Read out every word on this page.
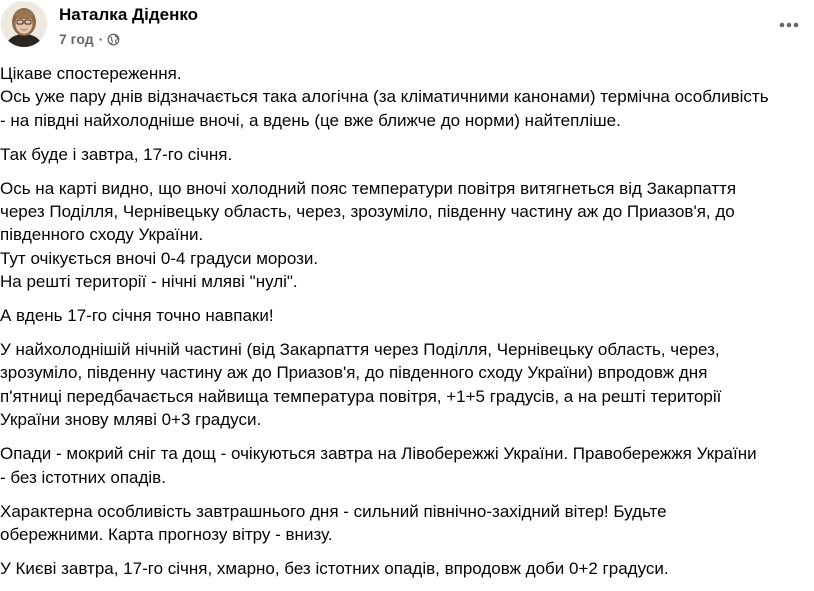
Наталка Діденко
7 год ·
Цікаве спостереження.
Ось уже пару днів відзначається така алогічна (за кліматичними канонами) термічна особливість
- на півдні найхолодніше вночі, а вдень (це вже ближче до норми) найтепліше.
Так буде і завтра, 17-го січня.
Ось на карті видно, що вночі холодний пояс температури повітря витягнеться від Закарпаття
через Поділля, Чернівецьку область, через, зрозуміло, південну частину аж до Приазов'я, до
південного сходу України.
Тут очікується вночі 0-4 градуси морози.
На решті території - нічні мляві "нулі".
А вдень 17-го січня точно навпаки!
У найхолоднішій нічній частині (від Закарпаття через Поділля, Чернівецьку область, через,
зрозуміло, південну частину аж до Приазов'я, до південного сходу України) впродовж дня
п'ятниці передбачається найвища температура повітря, +1+5 градусів, а на решті території
України знову мляві 0+3 градуси.
Опади - мокрий сніг та дощ - очікуються завтра на Лівобережжі України. Правобережжя України
- без істотних опадів.
Характерна особливість завтрашнього дня - сильний північно-західний вітер! Будьте
обережними. Карта прогнозу вітру - внизу.
У Києві завтра, 17-го січня, хмарно, без істотних опадів, впродовж доби 0+2 градуси.
